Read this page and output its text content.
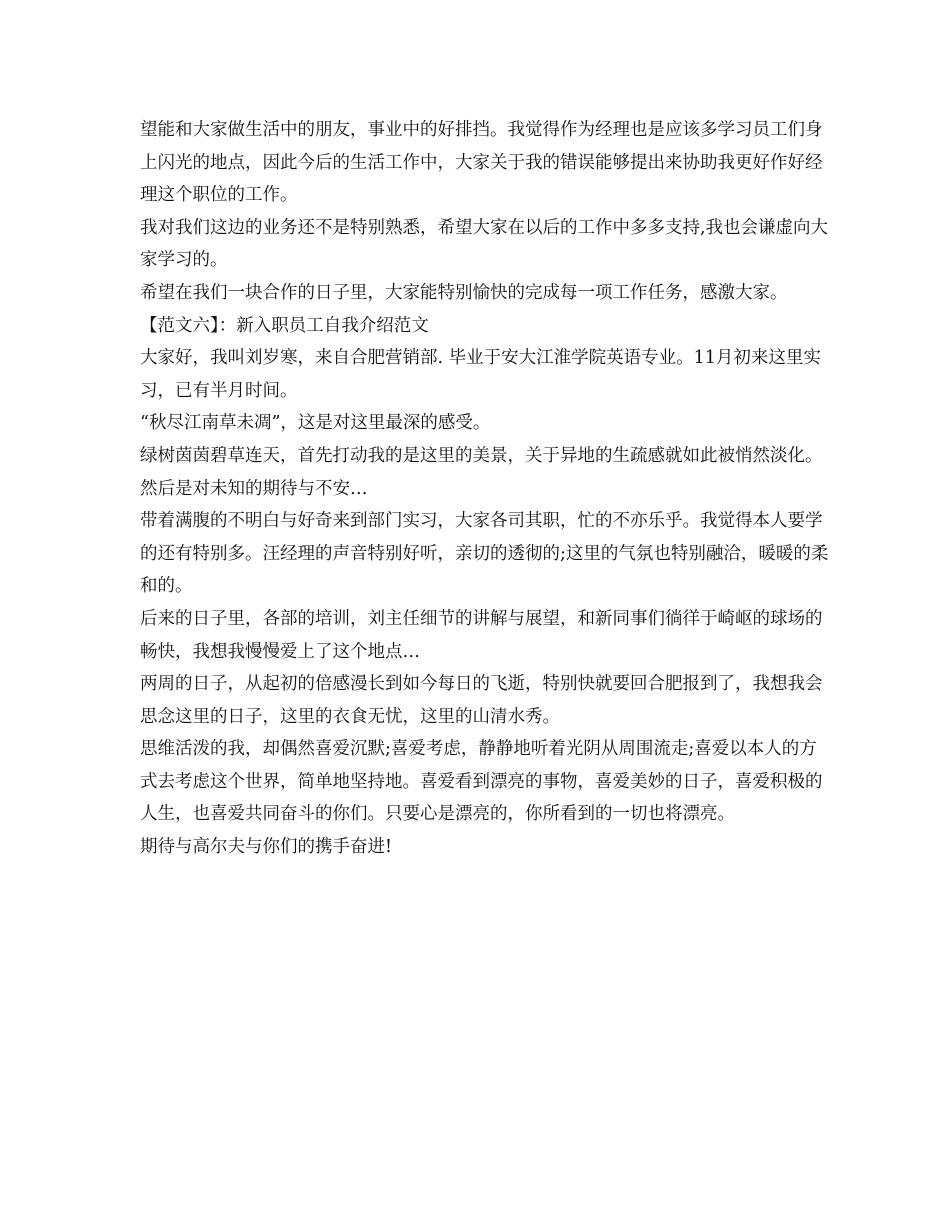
望能和大家做生活中的朋友，事业中的好排挡。我觉得作为经理也是应该多学习员工们身上闪光的地点，因此今后的生活工作中，大家关于我的错误能够提出来协助我更好作好经理这个职位的工作。

我对我们这边的业务还不是特别熟悉，希望大家在以后的工作中多多支持,我也会谦虚向大家学习的。

希望在我们一块合作的日子里，大家能特别愉快的完成每一项工作任务，感激大家。

【范文六】：新入职员工自我介绍范文

大家好，我叫刘岁寒，来自合肥营销部. 毕业于安大江淮学院英语专业。11月初来这里实习，已有半月时间。

“秋尽江南草未凋”，这是对这里最深的感受。

绿树茵茵碧草连天，首先打动我的是这里的美景，关于异地的生疏感就如此被悄然淡化。然后是对未知的期待与不安…

带着满腹的不明白与好奇来到部门实习，大家各司其职，忙的不亦乐乎。我觉得本人要学的还有特别多。汪经理的声音特别好听，亲切的透彻的;这里的气氛也特别融洽，暖暖的柔和的。

后来的日子里，各部的培训，刘主任细节的讲解与展望，和新同事们徜徉于崎岖的球场的畅快，我想我慢慢爱上了这个地点…

两周的日子，从起初的倍感漫长到如今每日的飞逝，特别快就要回合肥报到了，我想我会思念这里的日子，这里的衣食无忧，这里的山清水秀。

思维活泼的我，却偶然喜爱沉默;喜爱考虑，静静地听着光阴从周围流走;喜爱以本人的方式去考虑这个世界，简单地坚持地。喜爱看到漂亮的事物，喜爱美妙的日子，喜爱积极的人生，也喜爱共同奋斗的你们。只要心是漂亮的，你所看到的一切也将漂亮。

期待与高尔夫与你们的携手奋进!
